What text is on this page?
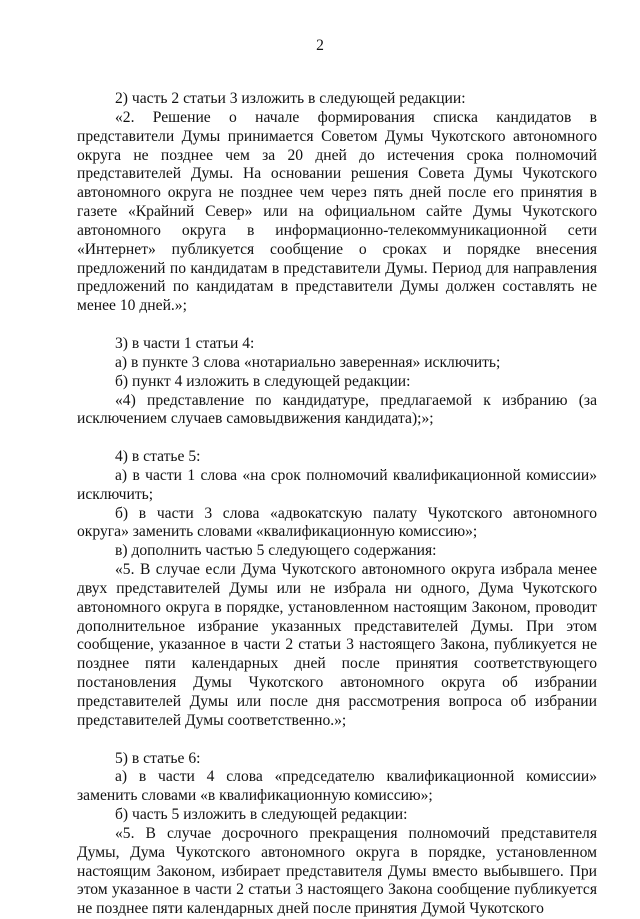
2

2) часть 2 статьи 3 изложить в следующей редакции:

«2. Решение о начале формирования списка кандидатов в представители Думы принимается Советом Думы Чукотского автономного округа не позднее чем за 20 дней до истечения срока полномочий представителей Думы. На основании решения Совета Думы Чукотского автономного округа не позднее чем через пять дней после его принятия в газете «Крайний Север» или на официальном сайте Думы Чукотского автономного округа в информационно-телекоммуникационной сети «Интернет» публикуется сообщение о сроках и порядке внесения предложений по кандидатам в представители Думы. Период для направления предложений по кандидатам в представители Думы должен составлять не менее 10 дней.»;

3) в части 1 статьи 4:

а) в пункте 3 слова «нотариально заверенная» исключить;

б) пункт 4 изложить в следующей редакции:

«4) представление по кандидатуре, предлагаемой к избранию (за исключением случаев самовыдвижения кандидата);»;

4) в статье 5:

а) в части 1 слова «на срок полномочий квалификационной комиссии» исключить;

б) в части 3 слова «адвокатскую палату Чукотского автономного округа» заменить словами «квалификационную комиссию»;

в) дополнить частью 5 следующего содержания:

«5. В случае если Дума Чукотского автономного округа избрала менее двух представителей Думы или не избрала ни одного, Дума Чукотского автономного округа в порядке, установленном настоящим Законом, проводит дополнительное избрание указанных представителей Думы. При этом сообщение, указанное в части 2 статьи 3 настоящего Закона, публикуется не позднее пяти календарных дней после принятия соответствующего постановления Думы Чукотского автономного округа об избрании представителей Думы или после дня рассмотрения вопроса об избрании представителей Думы соответственно.»;

5) в статье 6:

а) в части 4 слова «председателю квалификационной комиссии» заменить словами «в квалификационную комиссию»;

б) часть 5 изложить в следующей редакции:

«5. В случае досрочного прекращения полномочий представителя Думы, Дума Чукотского автономного округа в порядке, установленном настоящим Законом, избирает представителя Думы вместо выбывшего. При этом указанное в части 2 статьи 3 настоящего Закона сообщение публикуется не позднее пяти календарных дней после принятия Думой Чукотского
